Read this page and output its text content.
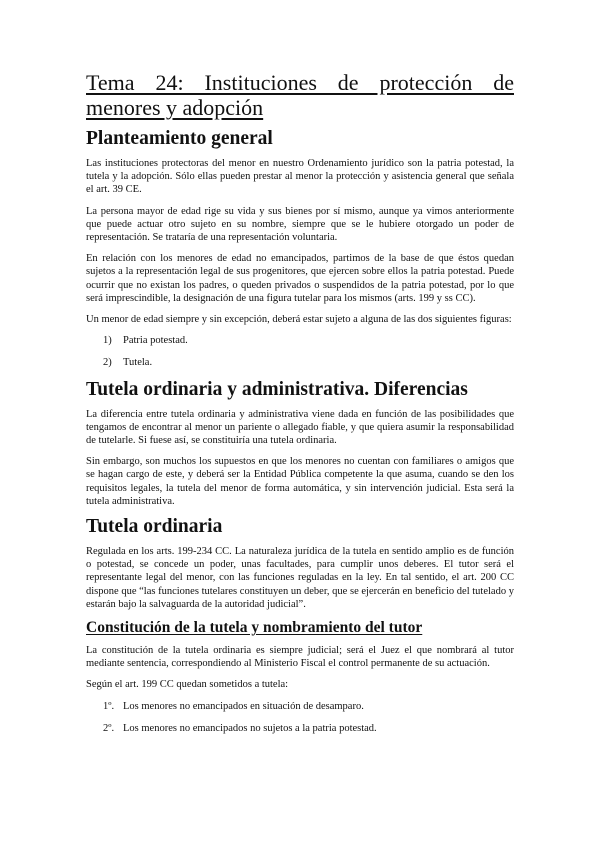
Tema 24: Instituciones de protección de menores y adopción
Planteamiento general

Las instituciones protectoras del menor en nuestro Ordenamiento jurídico son la patria potestad, la tutela y la adopción. Sólo ellas pueden prestar al menor la protección y asistencia general que señala el art. 39 CE.

La persona mayor de edad rige su vida y sus bienes por sí mismo, aunque ya vimos anteriormente que puede actuar otro sujeto en su nombre, siempre que se le hubiere otorgado un poder de representación. Se trataría de una representación voluntaria.

En relación con los menores de edad no emancipados, partimos de la base de que éstos quedan sujetos a la representación legal de sus progenitores, que ejercen sobre ellos la patria potestad. Puede ocurrir que no existan los padres, o queden privados o suspendidos de la patria potestad, por lo que será imprescindible, la designación de una figura tutelar para los mismos (arts. 199 y ss CC).

Un menor de edad siempre y sin excepción, deberá estar sujeto a alguna de las dos siguientes figuras:

1) Patria potestad.
2) Tutela.
Tutela ordinaria y administrativa. Diferencias

La diferencia entre tutela ordinaria y administrativa viene dada en función de las posibilidades que tengamos de encontrar al menor un pariente o allegado fiable, y que quiera asumir la responsabilidad de tutelarle. Si fuese así, se constituiría una tutela ordinaria.

Sin embargo, son muchos los supuestos en que los menores no cuentan con familiares o amigos que se hagan cargo de este, y deberá ser la Entidad Pública competente la que asuma, cuando se den los requisitos legales, la tutela del menor de forma automática, y sin intervención judicial. Esta será la tutela administrativa.

Tutela ordinaria

Regulada en los arts. 199-234 CC. La naturaleza jurídica de la tutela en sentido amplio es de función o potestad, se concede un poder, unas facultades, para cumplir unos deberes. El tutor será el representante legal del menor, con las funciones reguladas en la ley. En tal sentido, el art. 200 CC dispone que “las funciones tutelares constituyen un deber, que se ejercerán en beneficio del tutelado y estarán bajo la salvaguarda de la autoridad judicial”.

Constitución de la tutela y nombramiento del tutor

La constitución de la tutela ordinaria es siempre judicial; será el Juez el que nombrará al tutor mediante sentencia, correspondiendo al Ministerio Fiscal el control permanente de su actuación.

Según el art. 199 CC quedan sometidos a tutela:

1º. Los menores no emancipados en situación de desamparo.
2º. Los menores no emancipados no sujetos a la patria potestad.
